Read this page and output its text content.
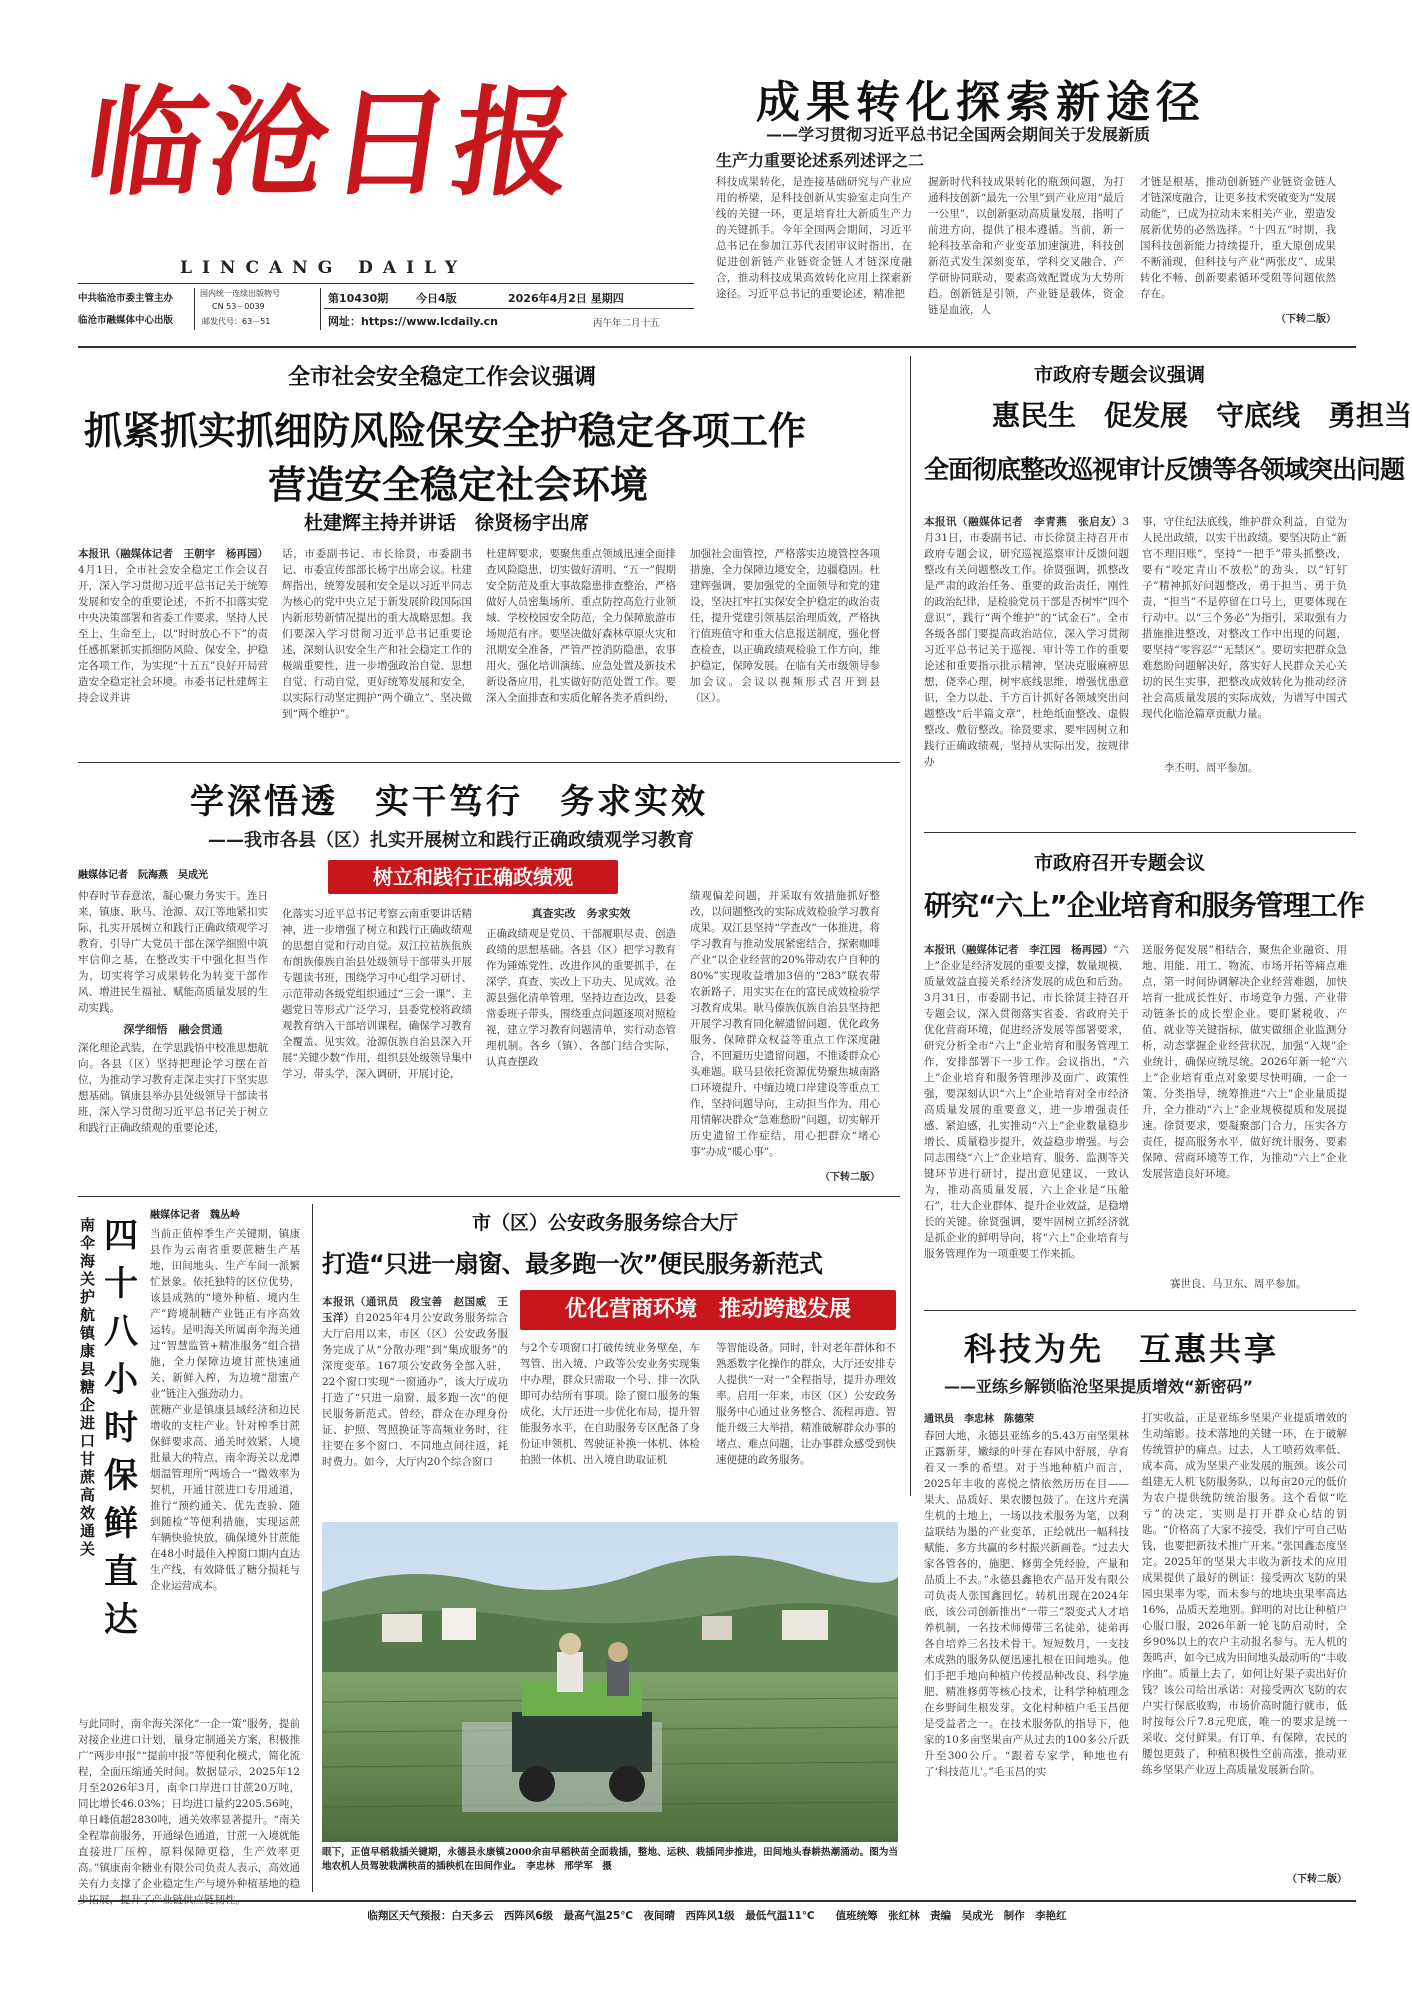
临沧日报
LINCANG DAILY
中共临沧市委主管主办
临沧市融媒体中心出版
国内统一连续出版物号
CN 53－0039
邮发代号：63－51
第10430期	今日4版	2026年4月2日 星期四
网址：https://www.lcdaily.cn	丙午年二月十五
成果转化探索新途径
——学习贯彻习近平总书记全国两会期间关于发展新质
生产力重要论述系列述评之二
科技成果转化，是连接基础研究与产业应用的桥梁，是科技创新从实验室走向生产线的关键一环，更是培育壮大新质生产力的关键抓手。今年全国两会期间，习近平总书记在参加江苏代表团审议时指出，在促进创新链产业链资金链人才链深度融合，推动科技成果高效转化应用上探索新途径。习近平总书记的重要论述，精准把
握新时代科技成果转化的瓶颈问题，为打通科技创新“最先一公里”到产业应用“最后一公里”，以创新驱动高质量发展，指明了前进方向，提供了根本遵循。当前，新一轮科技革命和产业变革加速演进，科技创新范式发生深刻变革，学科交叉融合、产学研协同联动，要素高效配置成为大势所趋。创新链是引领，产业链是载体，资金链是血液，人
才链是根基，推动创新链产业链资金链人才链深度融合，让更多技术突破变为“发展动能”，已成为拉动未来相关产业，塑造发展新优势的必然选择。“十四五”时期，我国科技创新能力持续提升，重大原创成果不断涌现，但科技与产业“两张皮”、成果转化不畅、创新要素循环受阻等问题依然存在。
（下转二版）
全市社会安全稳定工作会议强调
抓紧抓实抓细防风险保安全护稳定各项工作
营造安全稳定社会环境
杜建辉主持并讲话　徐贤杨宇出席
本报讯（融媒体记者　王朝宇　杨再园）4月1日，全市社会安全稳定工作会议召开，深入学习贯彻习近平总书记关于统筹发展和安全的重要论述，不折不扣落实党中央决策部署和省委工作要求，坚持人民至上、生命至上，以“时时放心不下”的责任感抓紧抓实抓细防风险、保安全、护稳定各项工作，为实现“十五五”良好开局营造安全稳定社会环境。市委书记杜建辉主持会议并讲
话，市委副书记、市长徐贤，市委副书记、市委宣传部部长杨宇出席会议。杜建辉指出，统筹发展和安全是以习近平同志为核心的党中央立足于新发展阶段国际国内新形势新情况提出的重大战略思想。我们要深入学习贯彻习近平总书记重要论述，深刻认识安全生产和社会稳定工作的极端重要性，进一步增强政治自觉、思想自觉、行动自觉，更好统筹发展和安全，以实际行动坚定拥护“两个确立”、坚决做到“两个维护”。
杜建辉要求，要聚焦重点领域迅速全面排查风险隐患，切实做好清明、“五一”假期安全防范及重大事故隐患排查整治，严格做好人员密集场所、重点防控高危行业领域、学校校园安全防范，全力保障旅游市场规范有序。要坚决做好森林草原火灾和汛期安全准备，严管严控消防隐患，农事用火，强化培训演练、应急处置及新技术新设备应用，扎实做好防范处置工作。要深入全面排查和实质化解各类矛盾纠纷，
加强社会面管控，严格落实边境管控各项措施，全力保障边境安全，边疆稳固。杜建辉强调，要加强党的全面领导和党的建设，坚决扛牢扛实保安全护稳定的政治责任，提升党建引领基层治理质效，严格执行值班值守和重大信息报送制度，强化督查检查，以正确政绩观检验工作方向，维护稳定，保障发展。在临有关市级领导参加会议。会议以视频形式召开到县（区）。
市政府专题会议强调
惠民生　促发展　守底线　勇担当
全面彻底整改巡视审计反馈等各领域突出问题
本报讯（融媒体记者　李青燕　张启友）3月31日，市委副书记、市长徐贤主持召开市政府专题会议，研究巡视巡察审计反馈问题整改有关问题整改工作。徐贤强调，抓整改是严肃的政治任务、重要的政治责任，刚性的政治纪律，是检验党员干部是否树牢“四个意识”，践行“两个维护”的“试金石”。全市各级各部门要提高政治站位，深入学习贯彻习近平总书记关于巡视、审计等工作的重要论述和重要指示批示精神，坚决克服麻痹思想，侥幸心理，树牢底线思维，增强忧患意识，全力以赴、千方百计抓好各领域突出问题整改“后半篇文章”，杜绝纸面整改、虚假整改、敷衍整改。徐贤要求，要牢固树立和践行正确政绩观，坚持从实际出发，按规律办
事，守住纪法底线，维护群众利益，自觉为人民出政绩，以实干出政绩。要坚决防止“新官不理旧账”，坚持“一把手”带头抓整改，要有“咬定青山不放松”的劲头，以“钉钉子”精神抓好问题整改，勇于担当、勇于负责，“担当”不是停留在口号上，更要体现在行动中。以“三个务必”为指引，采取强有力措施推进整改，对整改工作中出现的问题，要坚持“零容忍”“无禁区”。要切实把群众急难愁盼问题解决好，落实好人民群众关心关切的民生实事，把整改成效转化为推动经济社会高质量发展的实际成效，为谱写中国式现代化临沧篇章贡献力量。
李丕明、周平参加。
学深悟透　实干笃行　务求实效
——我市各县（区）扎实开展树立和践行正确政绩观学习教育
融媒体记者　阮海燕　吴成光	树立和践行正确政绩观
仲春时节春意浓，凝心聚力务实干。连日来，镇康、耿马、沧源、双江等地紧扣实际，扎实开展树立和践行正确政绩观学习教育，引导广大党员干部在深学细照中筑牢信仰之基，在整改实干中强化担当作为，切实将学习成果转化为转变干部作风、增进民生福祉、赋能高质量发展的生动实践。
深学细悟　融会贯通
深化理论武装，在学思践悟中校准思想航向。各县（区）坚持把理论学习摆在首位，为推动学习教育走深走实打下坚实思想基础。镇康县举办县处级领导干部读书班，深入学习贯彻习近平总书记关于树立和践行正确政绩观的重要论述，
化落实习近平总书记考察云南重要讲话精神，进一步增强了树立和践行正确政绩观的思想自觉和行动自觉。双江拉祜族佤族布朗族傣族自治县处级领导干部带头开展专题读书班，围绕学习中心组学习研讨、示范带动各级党组织通过“三会一课”、主题党日等形式广泛学习，县委党校将政绩观教育纳入干部培训课程，确保学习教育全覆盖、见实效。沧源佤族自治县深入开展“关键少数”作用，组织县处级领导集中学习，带头学，深入调研，开展讨论，
真查实改　务求实效
正确政绩观是党员、干部履职尽责、创造政绩的思想基础。各县（区）把学习教育作为锤炼党性、改进作风的重要抓手，在深学、真查、实改上下功夫、见成效。沧源县强化清单管理，坚持边查边改，县委常委班子带头，围绕重点问题逐项对照检视，建立学习教育问题清单，实行动态管理机制。各乡（镇）、各部门结合实际，认真查摆政
绩观偏差问题，并采取有效措施抓好整改，以问题整改的实际成效检验学习教育成果。双江县坚持“学查改”一体推进，将学习教育与推动发展紧密结合，探索咖啡产业“以企业经营的20%带动农户自种的80%”实现收益增加3倍的“283”联农带农新路子，用实实在在的富民成效检验学习教育成果。耿马傣族佤族自治县坚持把开展学习教育同化解遗留问题、优化政务服务、保障群众权益等重点工作深度融合，不回避历史遗留问题，不推诿群众心头难题。联马县依托资源优势聚焦城南路口环境提升、中缅边境口岸建设等重点工作，坚持问题导向，主动担当作为，用心用情解决群众“急难愁盼”问题，切实解开历史遗留工作症结，用心把群众“堵心事”办成“暖心事”。
（下转二版）
市政府召开专题会议
研究“六上”企业培育和服务管理工作
本报讯（融媒体记者　李江园　杨再园）“六上”企业是经济发展的重要支撑，数量规模、质量效益直接关系经济发展的成色和后劲。3月31日，市委副书记、市长徐贤主持召开专题会议，深入贯彻落实省委、省政府关于优化营商环境，促进经济发展等部署要求，研究分析全市“六上”企业培育和服务管理工作，安排部署下一步工作。会议指出，“六上”企业培育和服务管理涉及面广、政策性强，要深刻认识“六上”企业培育对全市经济高质量发展的重要意义，进一步增强责任感、紧迫感，扎实推动“六上”企业数量稳步增长、质量稳步提升，效益稳步增强。与会同志围绕“六上”企业培育、服务、监测等关键环节进行研讨，提出意见建议，一致认为，推动高质量发展，六上企业是“压舱石”，壮大企业群体、提升企业效益，是稳增长的关键。徐贤强调，要牢固树立抓经济就是抓企业的鲜明导向，将“六上”企业培育与服务管理作为一项重要工作来抓。
送服务促发展”相结合，聚焦企业融资、用地、用能、用工、物流、市场开拓等痛点难点，第一时间协调解决企业经营难题，加快培育一批成长性好、市场竞争力强、产业带动链条长的成长型企业。要盯紧税收、产值、就业等关键指标，做实做细企业监测分析，动态掌握企业经营状况，加强“入规”企业统计，确保应统尽统。2026年新一轮“六上”企业培育重点对象要尽快明确，一企一策、分类指导，统筹推进“六上”企业量质提升，全力推动“六上”企业规模提质和发展提速。徐贤要求，要凝聚部门合力，压实各方责任，提高服务水平，做好统计服务、要素保障、营商环境等工作，为推动“六上”企业发展营造良好环境。
赛世良、马卫东、周平参加。
南伞海关护航镇康县糖企进口甘蔗高效通关
四十八小时保鲜直达
融媒体记者　魏丛岭
当前正值榨季生产关键期，镇康县作为云南省重要蔗糖生产基地，田间地头、生产车间一派繁忙景象。依托独特的区位优势，该县成熟的“境外种植、境内生产”跨境制糖产业链正有序高效运转。是明海关所属南伞海关通过“智慧监管+精准服务”组合措施，全力保障边境甘蔗快速通关、新鲜入榨，为边境“甜蜜产业”链注入强劲动力。
蔗糖产业是镇康县域经济和边民增收的支柱产业。针对榨季甘蔗保鲜要求高、通关时效紧、人境批量大的特点，南伞海关以龙潭烟温管理所“两场合一”微效率为契机，开通甘蔗进口专用通道，推行“预约通关、优先查验、随到随检”等便利措施，实现运蔗车辆快验快放，确保境外甘蔗能在48小时最佳入榨窗口期内直达生产线，有效降低了糖分损耗与企业运营成本。
与此同时，南伞海关深化“一企一策”服务，提前对接企业进口计划，量身定制通关方案，积极推广“两步申报”“提前申报”等便利化模式，简化流程，全面压缩通关时间。数据显示，2025年12月至2026年3月，南伞口岸进口甘蔗20万吨，同比增长46.03%；日均进口量约2205.56吨，单日峰值超2830吨，通关效率显著提升。“南关全程靠前服务，开通绿色通道，甘蔗一入境就能直接进厂压榨，原料保障更稳，生产效率更高。”镇康南伞糖业有限公司负责人表示，高效通关有力支撑了企业稳定生产与境外种植基地的稳
市（区）公安政务服务综合大厅
打造“只进一扇窗、最多跑一次”便民服务新范式
本报讯（通讯员　段宝善　赵国威　王玉洋）自2025年4月公安政务服务综合大厅启用以来，市区（区）公安政务服务完成了从“分散办理”到“集成服务”的深度变革。167项公安政务全部入驻，22个窗口实现“一窗通办”，该大厅成功打造了“只进一扇窗、最多跑一次”的便民服务新范式。曾经，群众在办理身份证、护照、驾照换证等高频业务时，往往要在多个窗口、不同地点间往返，耗时费力。如今，大厅内20个综合窗口
优化营商环境　推动跨越发展
与2个专项窗口打破传统业务壁垒，车驾管、出入境、户政等公安业务实现集中办理，群众只需取一个号、排一次队即可办结所有事项。除了窗口服务的集成化，大厅还进一步优化布局，提升智能服务水平，在自助服务专区配备了身份证申领机、驾驶证补换一体机、体检拍照一体机、出入境自助取证机
等智能设备。同时，针对老年群体和不熟悉数字化操作的群众，大厅还安排专人提供“一对一”全程指导，提升办理效率。启用一年来，市区（区）公安政务服务中心通过业务整合、流程再造、智能升级三大举措，精准破解群众办事的堵点、难点问题，让办事群众感受到快速便捷的政务服务。
眼下，正值早稻栽插关键期，永德县永康镇2000余亩早稻秧苗全面栽插，整地、运秧、栽插同步推进，田间地头春耕热潮涌动。图为当地农机人员驾驶栽满秧苗的插秧机在田间作业。　 李忠林　邢学军　摄
科技为先　互惠共享
——亚练乡解锁临沧坚果提质增效“新密码”
通讯员　李忠林　陈德荣
春回大地，永德县亚练乡的5.43万亩坚果林正露新芽，嫩绿的叶芽在春风中舒展，孕育着又一季的希望。对于当地种植户而言，2025年丰收的喜悦之情依然历历在目——果大、品质好、果农腰包鼓了。在这片充满生机的土地上，一场以技术服务为笔，以利益联结为墨的产业变革，正绘就出一幅科技赋能、多方共赢的乡村振兴新画卷。“过去大家各管各的，施肥、修剪全凭经验，产量和品质上不去。”永德县鑫艳农产品开发有限公司负责人张国鑫回忆。转机出现在2024年底，该公司创新推出“一带三”裂变式人才培养机制，一名技术师傅带三名徒弟，徒弟再各自培养三名技术骨干。短短数月，一支技术成熟的服务队便迅速扎根在田间地头。他们手把手地向种植户传授品种改良、科学施肥、精准修剪等核心技术，让科学种植理念在乡野间生根发芽。文化村种植户毛玉昌便是受益者之一。在技术服务队的指导下，他家的10多亩坚果亩产从过去的100多公斤跃升至300公斤。“跟着专家学，种地也有了‘科技范儿’。”毛玉昌的实
打实收益，正是亚练乡坚果产业提质增效的生动缩影。技术落地的关键一环，在于破解传统管护的痛点。过去，人工喷药效率低、成本高，成为坚果产业发展的瓶颈。该公司组建无人机飞防服务队，以每亩20元的低价为农户提供统防统治服务。这个看似“吃亏”的决定，实则是打开群众心结的钥匙。“价格高了大家不接受，我们宁可自己贴钱，也要把新技术推广开来。”张国鑫态度坚定。2025年的坚果大丰收为新技术的应用成果提供了最好的例证：接受两次飞防的果园虫果率为零，而未参与的地块虫果率高达16%，品质天差地别。鲜明的对比让种植户心服口服，2026年新一轮飞防启动时，全乡90%以上的农户主动报名参与。无人机的轰鸣声，如今已成为田间地头最动听的“丰收序曲”。质量上去了，如何让好果子卖出好价钱？该公司给出承诺：对接受两次飞防的农户实行保底收购，市场价高时随行就市，低时按每公斤7.8元兜底，唯一的要求是统一采收、交付鲜果。有订单、有保障，农民的腰包更鼓了，种植积极性空前高涨，推动亚练乡坚果产业迈上高质量发展新台阶。
（下转二版）
临翔区天气预报：白天多云　西阵风6级　最高气温25℃　夜间晴　西阵风1级　最低气温11℃　　 值班统筹　张红林　责编　吴成光　制作　李艳红
